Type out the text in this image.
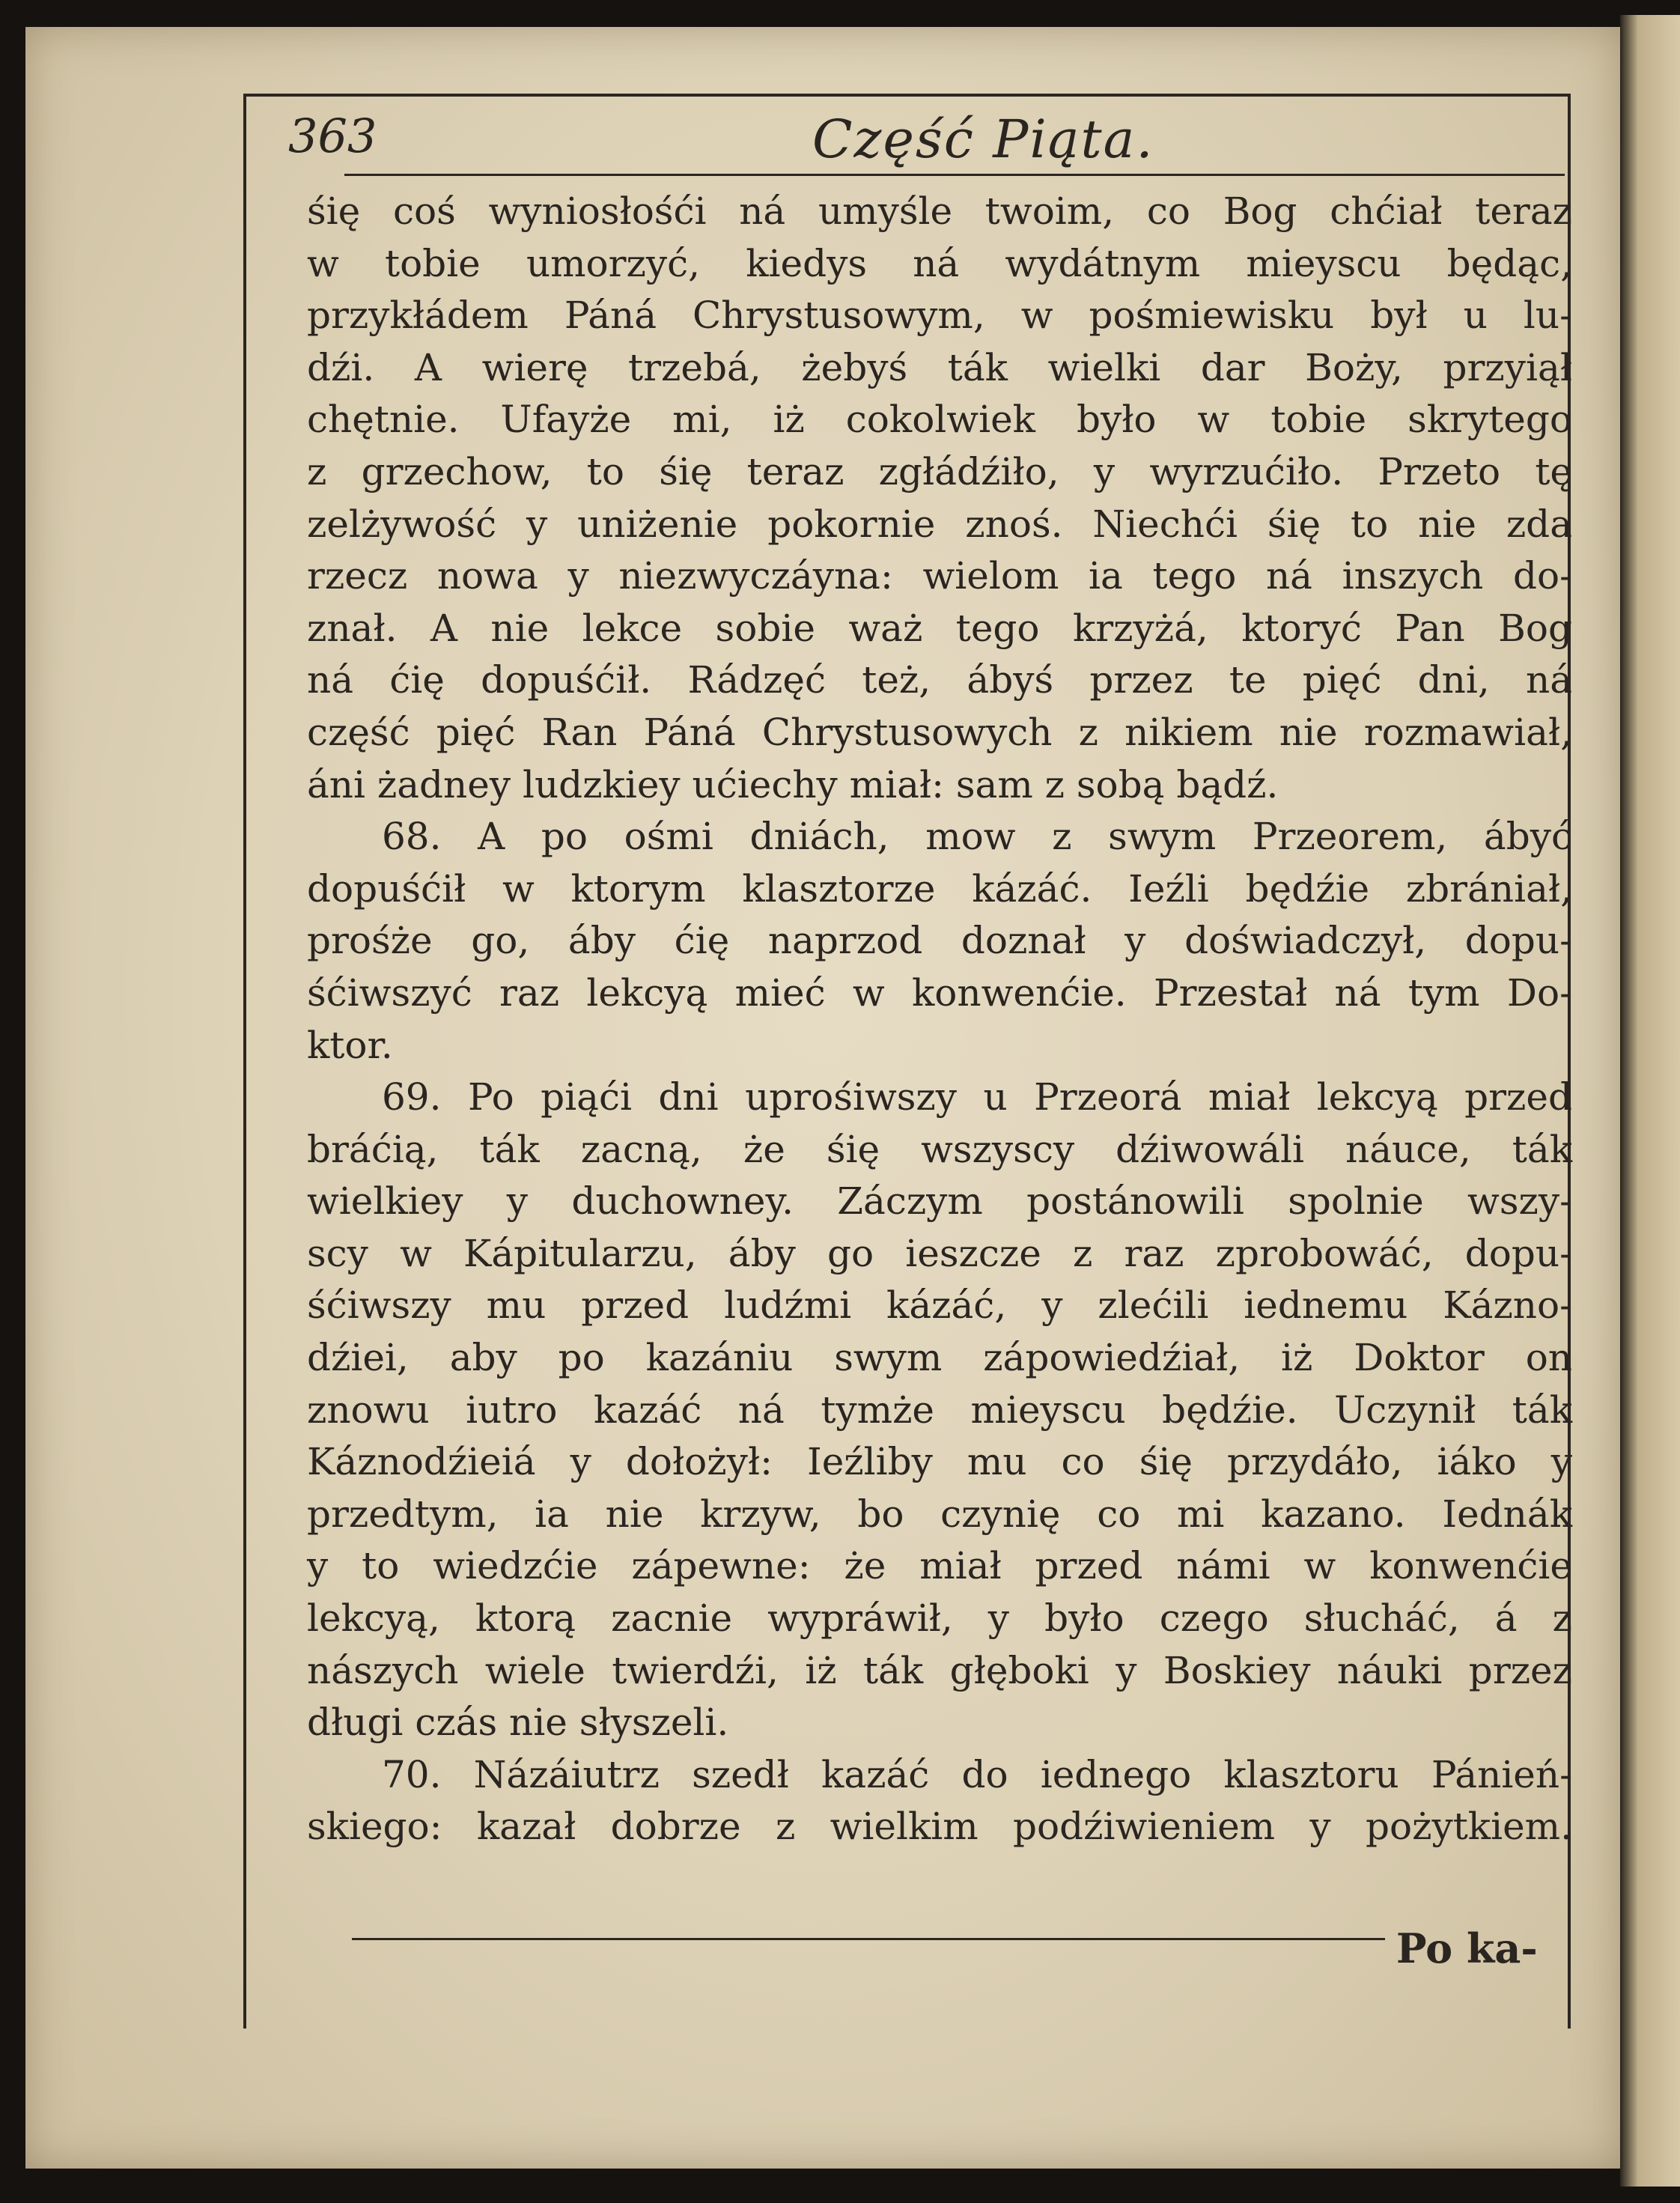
363	Część Piąta.
śię coś wyniosłośći ná umyśle twoim, co Bog chćiał teraz
w tobie umorzyć, kiedys ná wydátnym mieyscu będąc,
przykłádem Páná Chrystusowym, w pośmiewisku był u lu-
dźi. A wierę trzebá, żebyś ták wielki dar Boży, przyiął
chętnie. Ufayże mi, iż cokolwiek było w tobie skrytego
z grzechow, to śię teraz zgłádźiło, y wyrzućiło. Przeto tę
zelżywość y uniżenie pokornie znoś. Niechći śię to nie zda
rzecz nowa y niezwyczáyna: wielom ia tego ná inszych do-
znał. A nie lekce sobie waż tego krzyżá, ktoryć Pan Bog
ná ćię dopuśćił. Rádzęć też, ábyś przez te pięć dni, ná
część pięć Ran Páná Chrystusowych z nikiem nie rozmawiał,
áni żadney ludzkiey ućiechy miał: sam z sobą bądź.
68. A po ośmi dniách, mow z swym Przeorem, ábyć
dopuśćił w ktorym klasztorze kázáć. Ieźli będźie zbrániał,
prośże go, áby ćię naprzod doznał y doświadczył, dopu-
śćiwszyć raz lekcyą mieć w konwenćie. Przestał ná tym Do-
ktor.
69. Po piąći dni uprośiwszy u Przeorá miał lekcyą przed
bráćią, ták zacną, że śię wszyscy dźiwowáli náuce, ták
wielkiey y duchowney. Záczym postánowili spolnie wszy-
scy w Kápitularzu, áby go ieszcze z raz zprobowáć, dopu-
śćiwszy mu przed ludźmi kázáć, y zlećili iednemu Kázno-
dźiei, aby po kazániu swym zápowiedźiał, iż Doktor on
znowu iutro kazáć ná tymże mieyscu będźie. Uczynił ták
Káznodźieiá y dołożył: Ieźliby mu co śię przydáło, iáko y
przedtym, ia nie krzyw, bo czynię co mi kazano. Iednák
y to wiedzćie zápewne: że miał przed námi w konwenćie
lekcyą, ktorą zacnie wypráwił, y było czego słucháć, á z
nászych wiele twierdźi, iż ták głęboki y Boskiey náuki przez
długi czás nie słyszeli.
70. Názáiutrz szedł kazáć do iednego klasztoru Pánień-
skiego: kazał dobrze z wielkim podźiwieniem y pożytkiem.
Po ka-
